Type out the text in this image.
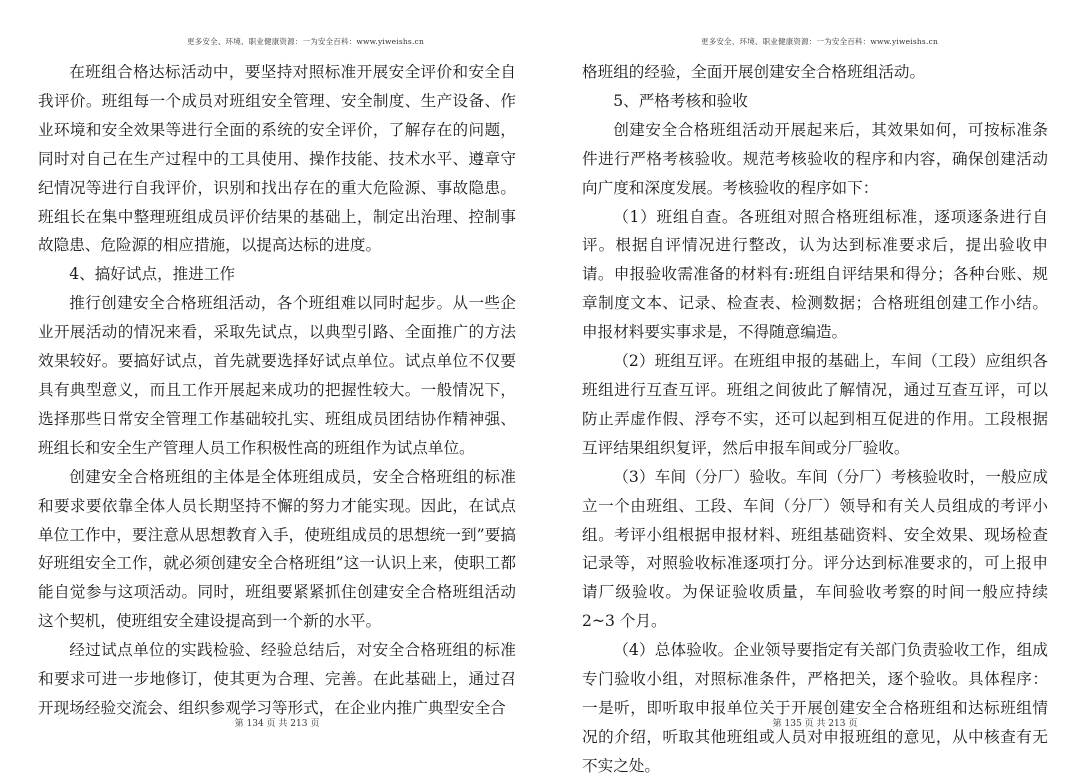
更多安全、环境、职业健康资源：一为安全百科：www.yiweishs.cn

在班组合格达标活动中，要坚持对照标准开展安全评价和安全自我评价。班组每一个成员对班组安全管理、安全制度、生产设备、作业环境和安全效果等进行全面的系统的安全评价，了解存在的问题，同时对自己在生产过程中的工具使用、操作技能、技术水平、遵章守纪情况等进行自我评价，识别和找出存在的重大危险源、事故隐患。班组长在集中整理班组成员评价结果的基础上，制定出治理、控制事故隐患、危险源的相应措施，以提高达标的进度。

4、搞好试点，推进工作

推行创建安全合格班组活动，各个班组难以同时起步。从一些企业开展活动的情况来看，采取先试点，以典型引路、全面推广的方法效果较好。要搞好试点，首先就要选择好试点单位。试点单位不仅要具有典型意义，而且工作开展起来成功的把握性较大。一般情况下，选择那些日常安全管理工作基础较扎实、班组成员团结协作精神强、班组长和安全生产管理人员工作积极性高的班组作为试点单位。

创建安全合格班组的主体是全体班组成员，安全合格班组的标准和要求要依靠全体人员长期坚持不懈的努力才能实现。因此，在试点单位工作中，要注意从思想教育入手，使班组成员的思想统一到”要搞好班组安全工作，就必须创建安全合格班组”这一认识上来，使职工都能自觉参与这项活动。同时，班组要紧紧抓住创建安全合格班组活动这个契机，使班组安全建设提高到一个新的水平。

经过试点单位的实践检验、经验总结后，对安全合格班组的标准和要求可进一步地修订，使其更为合理、完善。在此基础上，通过召开现场经验交流会、组织参观学习等形式，在企业内推广典型安全合

第 134 页 共 213 页
更多安全、环境、职业健康资源：一为安全百科：www.yiweishs.cn

格班组的经验，全面开展创建安全合格班组活动。

5、严格考核和验收

创建安全合格班组活动开展起来后，其效果如何，可按标准条件进行严格考核验收。规范考核验收的程序和内容，确保创建活动向广度和深度发展。考核验收的程序如下：

（1）班组自查。各班组对照合格班组标准，逐项逐条进行自评。根据自评情况进行整改，认为达到标准要求后，提出验收申请。申报验收需准备的材料有:班组自评结果和得分；各种台账、规章制度文本、记录、检查表、检测数据；合格班组创建工作小结。申报材料要实事求是，不得随意编造。

（2）班组互评。在班组申报的基础上，车间（工段）应组织各班组进行互查互评。班组之间彼此了解情况，通过互查互评，可以防止弄虚作假、浮夸不实，还可以起到相互促进的作用。工段根据互评结果组织复评，然后申报车间或分厂验收。

（3）车间（分厂）验收。车间（分厂）考核验收时，一般应成立一个由班组、工段、车间（分厂）领导和有关人员组成的考评小组。考评小组根据申报材料、班组基础资料、安全效果、现场检查记录等，对照验收标准逐项打分。评分达到标准要求的，可上报申请厂级验收。为保证验收质量，车间验收考察的时间一般应持续 2~3 个月。

（4）总体验收。企业领导要指定有关部门负责验收工作，组成专门验收小组，对照标准条件，严格把关，逐个验收。具体程序：一是听，即听取申报单位关于开展创建安全合格班组和达标班组情况的介绍，听取其他班组或人员对申报班组的意见，从中核查有无不实之处。

第 135 页 共 213 页
